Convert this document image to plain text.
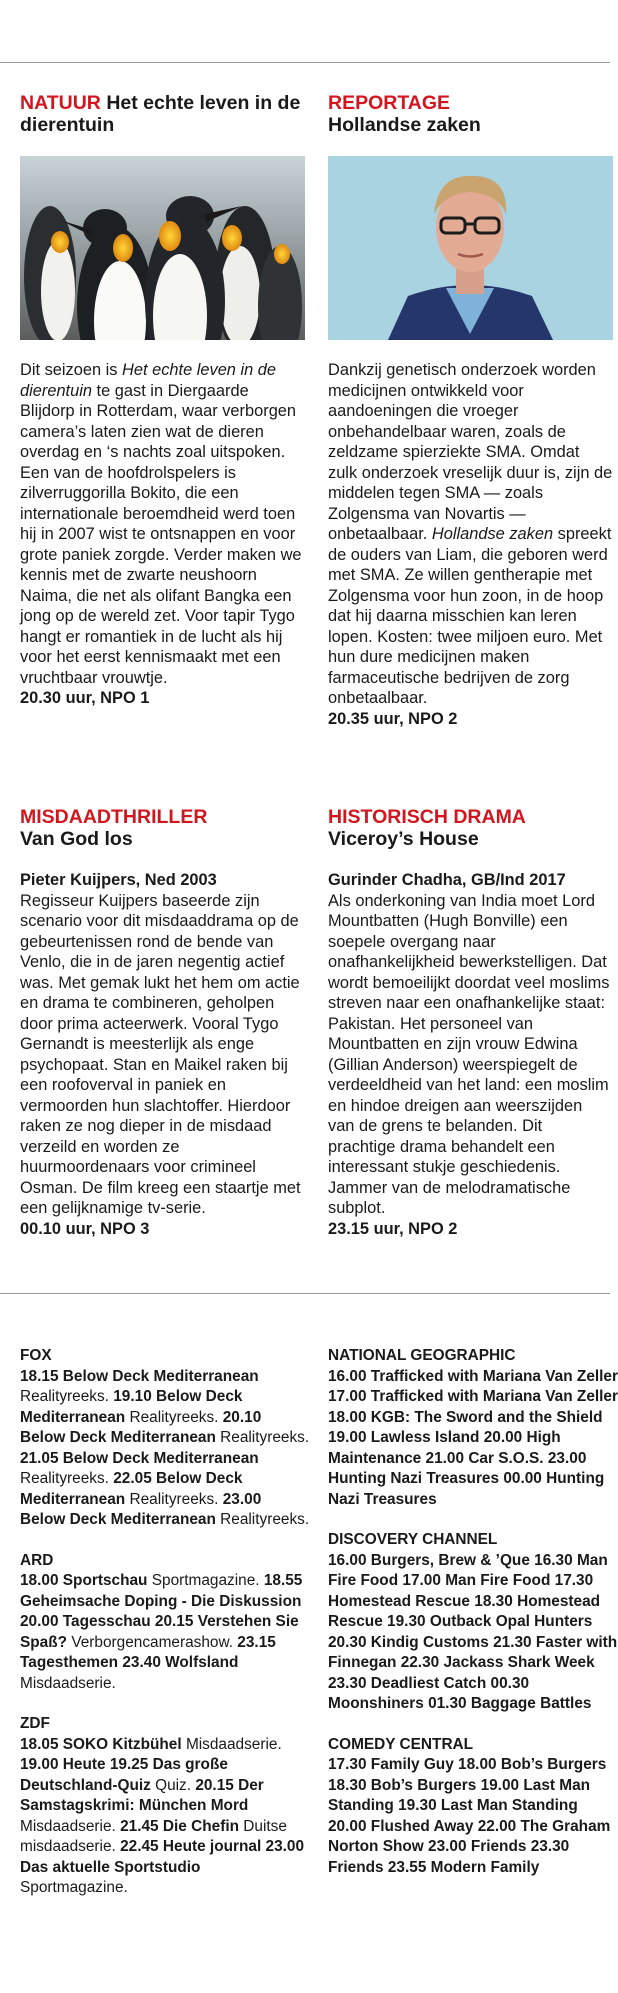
NATUUR Het echte leven in de dierentuin

Dit seizoen is Het echte leven in de dierentuin te gast in Diergaarde Blijdorp in Rotterdam, waar verborgen camera’s laten zien wat de dieren overdag en ‘s nachts zoal uitspoken. Een van de hoofdrolspelers is zilverruggorilla Bokito, die een internationale beroemdheid werd toen hij in 2007 wist te ontsnappen en voor grote paniek zorgde. Verder maken we kennis met de zwarte neushoorn Naima, die net als olifant Bangka een jong op de wereld zet. Voor tapir Tygo hangt er romantiek in de lucht als hij voor het eerst kennismaakt met een vruchtbaar vrouwtje.

20.30 uur, NPO 1

REPORTAGE
Hollandse zaken

Dankzij genetisch onderzoek worden medicijnen ontwikkeld voor aandoeningen die vroeger onbehandelbaar waren, zoals de zeldzame spierziekte SMA. Omdat zulk onderzoek vreselijk duur is, zijn de middelen tegen SMA — zoals Zolgensma van Novartis — onbetaalbaar. Hollandse zaken spreekt de ouders van Liam, die geboren werd met SMA. Ze willen gentherapie met Zolgensma voor hun zoon, in de hoop dat hij daarna misschien kan leren lopen. Kosten: twee miljoen euro. Met hun dure medicijnen maken farmaceutische bedrijven de zorg onbetaalbaar.

20.35 uur, NPO 2

MISDAADTHRILLER
Van God los

Pieter Kuijpers, Ned 2003

Regisseur Kuijpers baseerde zijn scenario voor dit misdaaddrama op de gebeurtenissen rond de bende van Venlo, die in de jaren negentig actief was. Met gemak lukt het hem om actie en drama te combineren, geholpen door prima acteerwerk. Vooral Tygo Gernandt is meesterlijk als enge psychopaat. Stan en Maikel raken bij een roofoverval in paniek en vermoorden hun slachtoffer. Hierdoor raken ze nog dieper in de misdaad verzeild en worden ze huurmoordenaars voor crimineel Osman. De film kreeg een staartje met een gelijknamige tv-serie.

00.10 uur, NPO 3

HISTORISCH DRAMA
Viceroy’s House

Gurinder Chadha, GB/Ind 2017

Als onderkoning van India moet Lord Mountbatten (Hugh Bonville) een soepele overgang naar onafhankelijkheid bewerkstelligen. Dat wordt bemoeilijkt doordat veel moslims streven naar een onafhankelijke staat: Pakistan. Het personeel van Mountbatten en zijn vrouw Edwina (Gillian Anderson) weerspiegelt de verdeeldheid van het land: een moslim en hindoe dreigen aan weerszijden van de grens te belanden. Dit prachtige drama behandelt een interessant stukje geschiedenis. Jammer van de melodramatische subplot.

23.15 uur, NPO 2

FOX
18.15 Below Deck Mediterranean Realityreeks. 19.10 Below Deck Mediterranean Realityreeks. 20.10 Below Deck Mediterranean Realityreeks. 21.05 Below Deck Mediterranean Realityreeks. 22.05 Below Deck Mediterranean Realityreeks. 23.00 Below Deck Mediterranean Realityreeks.
ARD
18.00 Sportschau Sportmagazine. 18.55 Geheimsache Doping - Die Diskussion 20.00 Tagesschau 20.15 Verstehen Sie Spaß? Verborgencamerashow. 23.15 Tagesthemen 23.40 Wolfsland Misdaadserie.
ZDF
18.05 SOKO Kitzbühel Misdaadserie. 19.00 Heute 19.25 Das große Deutschland-Quiz Quiz. 20.15 Der Samstagskrimi: München Mord Misdaadserie. 21.45 Die Chefin Duitse misdaadserie. 22.45 Heute journal 23.00 Das aktuelle Sportstudio Sportmagazine.
NATIONAL GEOGRAPHIC
16.00 Trafficked with Mariana Van Zeller 17.00 Trafficked with Mariana Van Zeller 18.00 KGB: The Sword and the Shield 19.00 Lawless Island 20.00 High Maintenance 21.00 Car S.O.S. 23.00 Hunting Nazi Treasures 00.00 Hunting Nazi Treasures
DISCOVERY CHANNEL
16.00 Burgers, Brew & ’Que 16.30 Man Fire Food 17.00 Man Fire Food 17.30 Homestead Rescue 18.30 Homestead Rescue 19.30 Outback Opal Hunters 20.30 Kindig Customs 21.30 Faster with Finnegan 22.30 Jackass Shark Week 23.30 Deadliest Catch 00.30 Moonshiners 01.30 Baggage Battles
COMEDY CENTRAL
17.30 Family Guy 18.00 Bob’s Burgers 18.30 Bob’s Burgers 19.00 Last Man Standing 19.30 Last Man Standing 20.00 Flushed Away 22.00 The Graham Norton Show 23.00 Friends 23.30 Friends 23.55 Modern Family
